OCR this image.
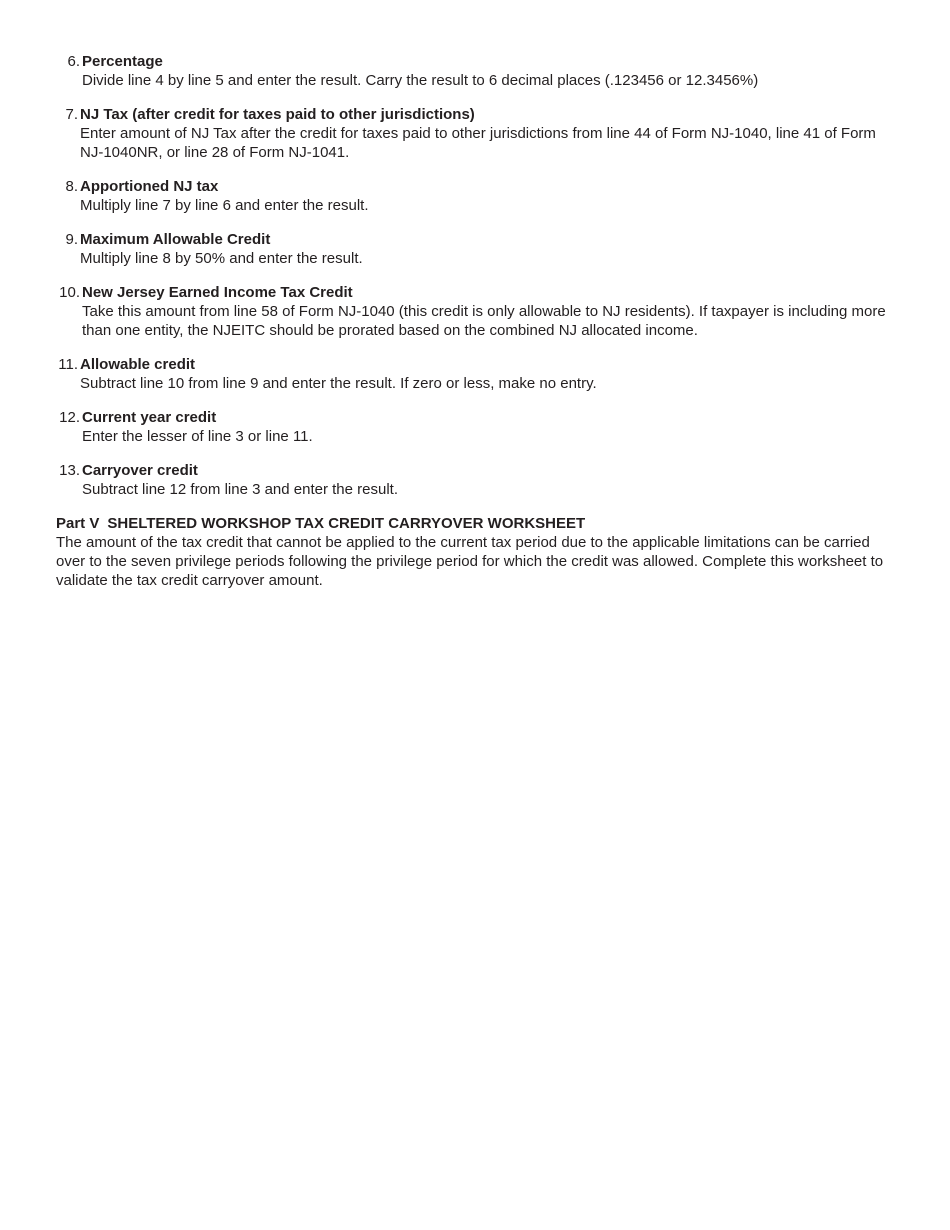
6. Percentage
Divide line 4 by line 5 and enter the result. Carry the result to 6 decimal places (.123456 or 12.3456%)
7. NJ Tax (after credit for taxes paid to other jurisdictions)
Enter amount of NJ Tax after the credit for taxes paid to other jurisdictions from line 44 of Form NJ-1040, line 41 of Form NJ-1040NR, or line 28 of Form NJ-1041.
8. Apportioned NJ tax
Multiply line 7 by line 6 and enter the result.
9. Maximum Allowable Credit
Multiply line 8 by 50% and enter the result.
10. New Jersey Earned Income Tax Credit
Take this amount from line 58 of Form NJ-1040 (this credit is only allowable to NJ residents). If taxpayer is including more than one entity, the NJEITC should be prorated based on the combined NJ allocated income.
11. Allowable credit
Subtract line 10 from line 9 and enter the result. If zero or less, make no entry.
12. Current year credit
Enter the lesser of line 3 or line 11.
13. Carryover credit
Subtract line 12 from line 3 and enter the result.
Part V SHELTERED WORKSHOP TAX CREDIT CARRYOVER WORKSHEET
The amount of the tax credit that cannot be applied to the current tax period due to the applicable limitations can be carried over to the seven privilege periods following the privilege period for which the credit was allowed. Complete this worksheet to validate the tax credit carryover amount.
